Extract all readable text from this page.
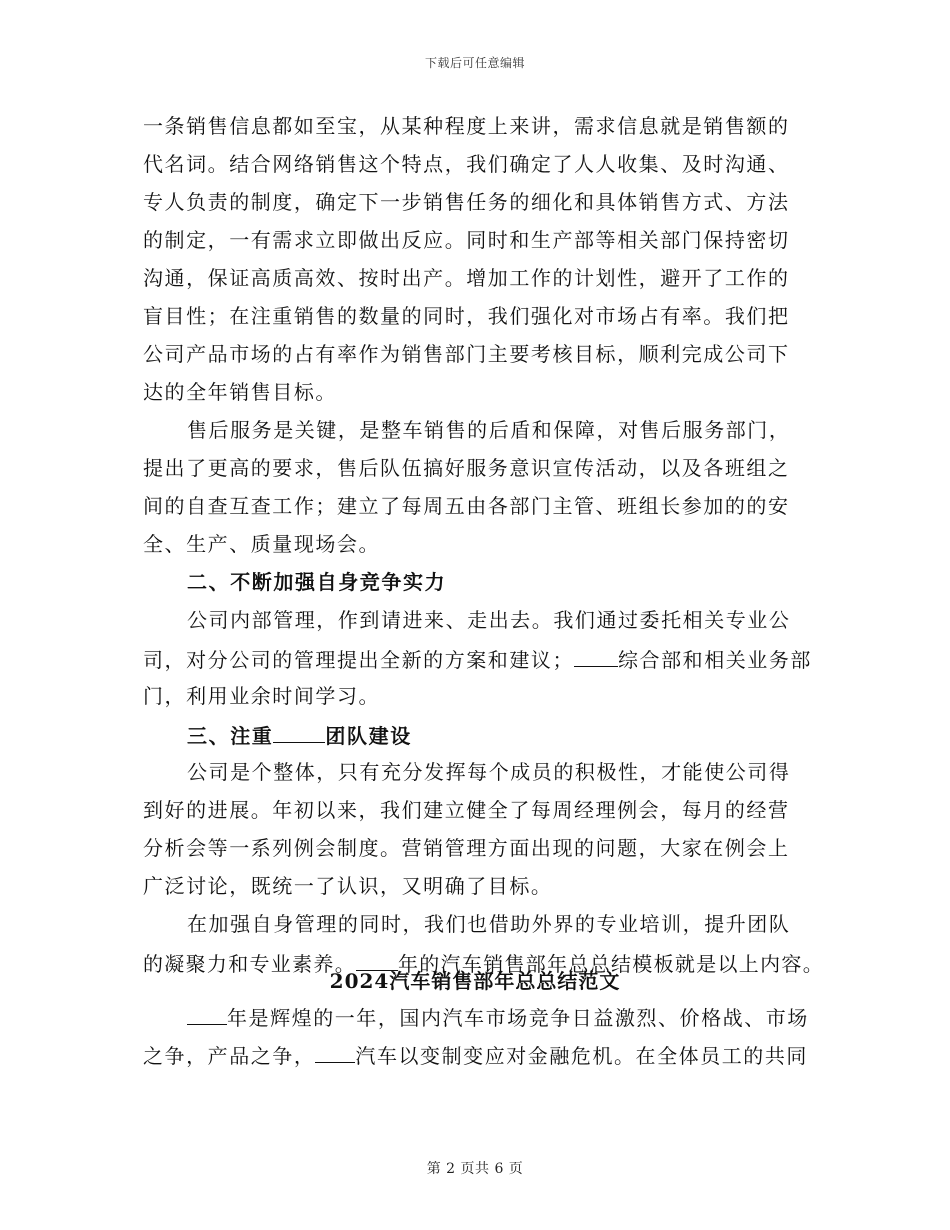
下载后可任意编辑
一条销售信息都如至宝，从某种程度上来讲，需求信息就是销售额的
代名词。结合网络销售这个特点，我们确定了人人收集、及时沟通、
专人负责的制度，确定下一步销售任务的细化和具体销售方式、方法
的制定，一有需求立即做出反应。同时和生产部等相关部门保持密切
沟通，保证高质高效、按时出产。增加工作的计划性，避开了工作的
盲目性；在注重销售的数量的同时，我们强化对市场占有率。我们把
公司产品市场的占有率作为销售部门主要考核目标，顺利完成公司下
达的全年销售目标。
售后服务是关键，是整车销售的后盾和保障，对售后服务部门，
提出了更高的要求，售后队伍搞好服务意识宣传活动，以及各班组之
间的自查互查工作；建立了每周五由各部门主管、班组长参加的的安
全、生产、质量现场会。
二、不断加强自身竞争实力
公司内部管理，作到请进来、走出去。我们通过委托相关专业公
司，对分公司的管理提出全新的方案和建议； 综合部和相关业务部
门，利用业余时间学习。
三、注重	团队建设
公司是个整体，只有充分发挥每个成员的积极性，才能使公司得
到好的进展。年初以来，我们建立健全了每周经理例会，每月的经营
分析会等一系列例会制度。营销管理方面出现的问题，大家在例会上
广泛讨论，既统一了认识，又明确了目标。
在加强自身管理的同时，我们也借助外界的专业培训，提升团队
的凝聚力和专业素养。 年的汽车销售部年总总结模板就是以上内容。
年是辉煌的一年，国内汽车市场竞争日益激烈、价格战、市场
之争，产品之争， 汽车以变制变应对金融危机。在全体员工的共同
2024汽车销售部年总总结范文
第 2 页共 6 页
